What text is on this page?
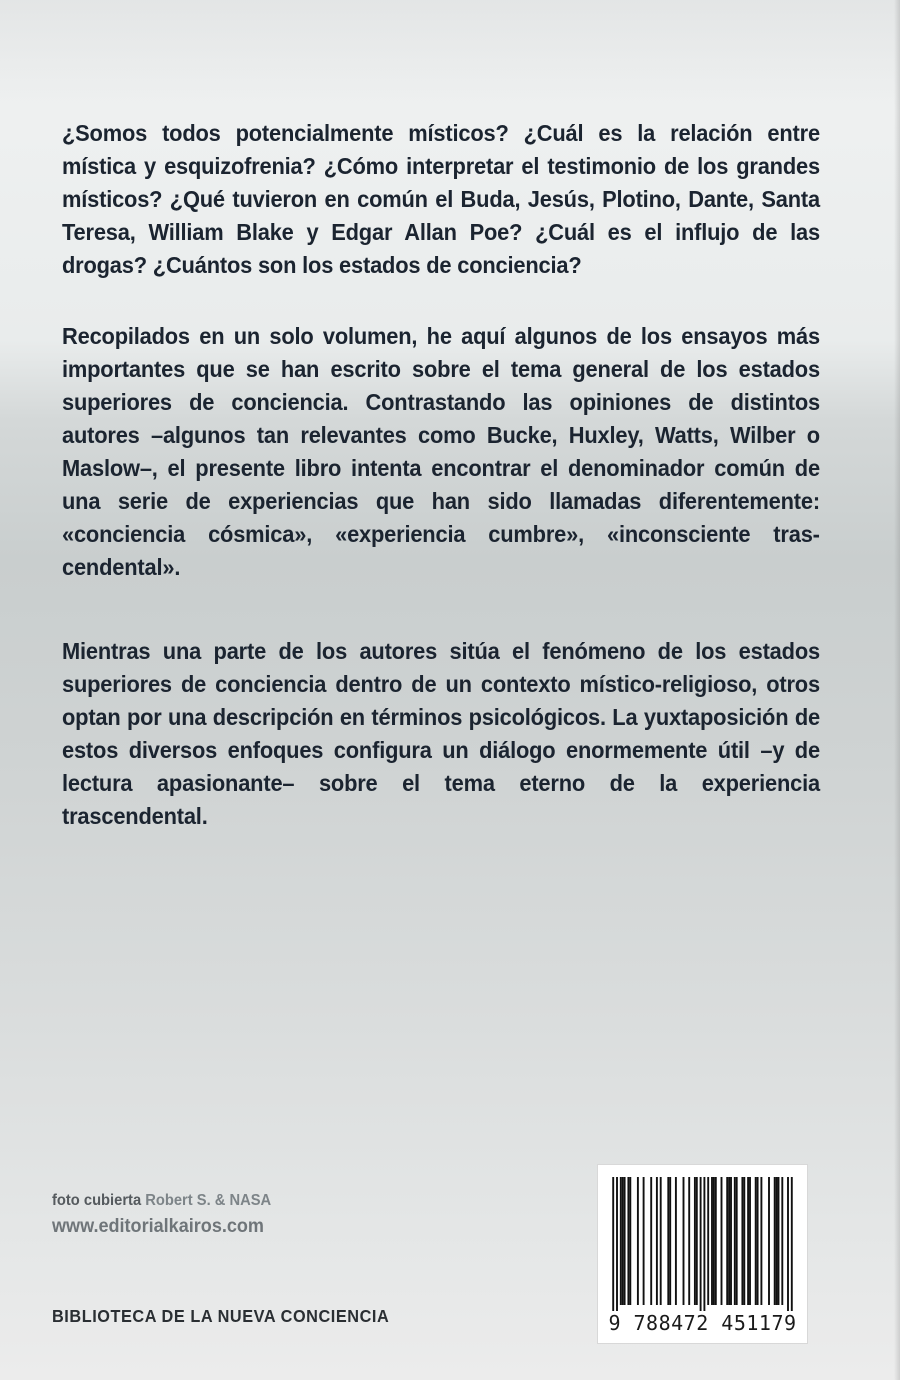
¿Somos todos potencialmente místicos? ¿Cuál es la relación entre mística y esquizofrenia? ¿Cómo interpretar el testimonio de los grandes místicos? ¿Qué tuvieron en común el Buda, Jesús, Plotino, Dante, Santa Teresa, William Blake y Edgar Allan Poe? ¿Cuál es el influjo de las drogas? ¿Cuántos son los estados de conciencia?

Recopilados en un solo volumen, he aquí algunos de los ensayos más importantes que se han escrito sobre el tema general de los estados superiores de conciencia. Contrastando las opiniones de distintos autores –algunos tan relevantes como Bucke, Huxley, Watts, Wilber o Maslow–, el presente libro intenta encontrar el denominador común de una serie de experiencias que han sido llamadas diferentemente: «conciencia cósmica», «experiencia cumbre», «inconsciente trascendental».

Mientras una parte de los autores sitúa el fenómeno de los estados superiores de conciencia dentro de un contexto místico-religioso, otros optan por una descripción en términos psicológicos. La yuxtaposición de estos diversos enfoques configura un diálogo enormemente útil –y de lectura apasionante– sobre el tema eterno de la experiencia trascendental.

foto cubierta Robert S. & NASA
www.editorialkairos.com
BIBLIOTECA DE LA NUEVA CONCIENCIA	9 788472 451179
